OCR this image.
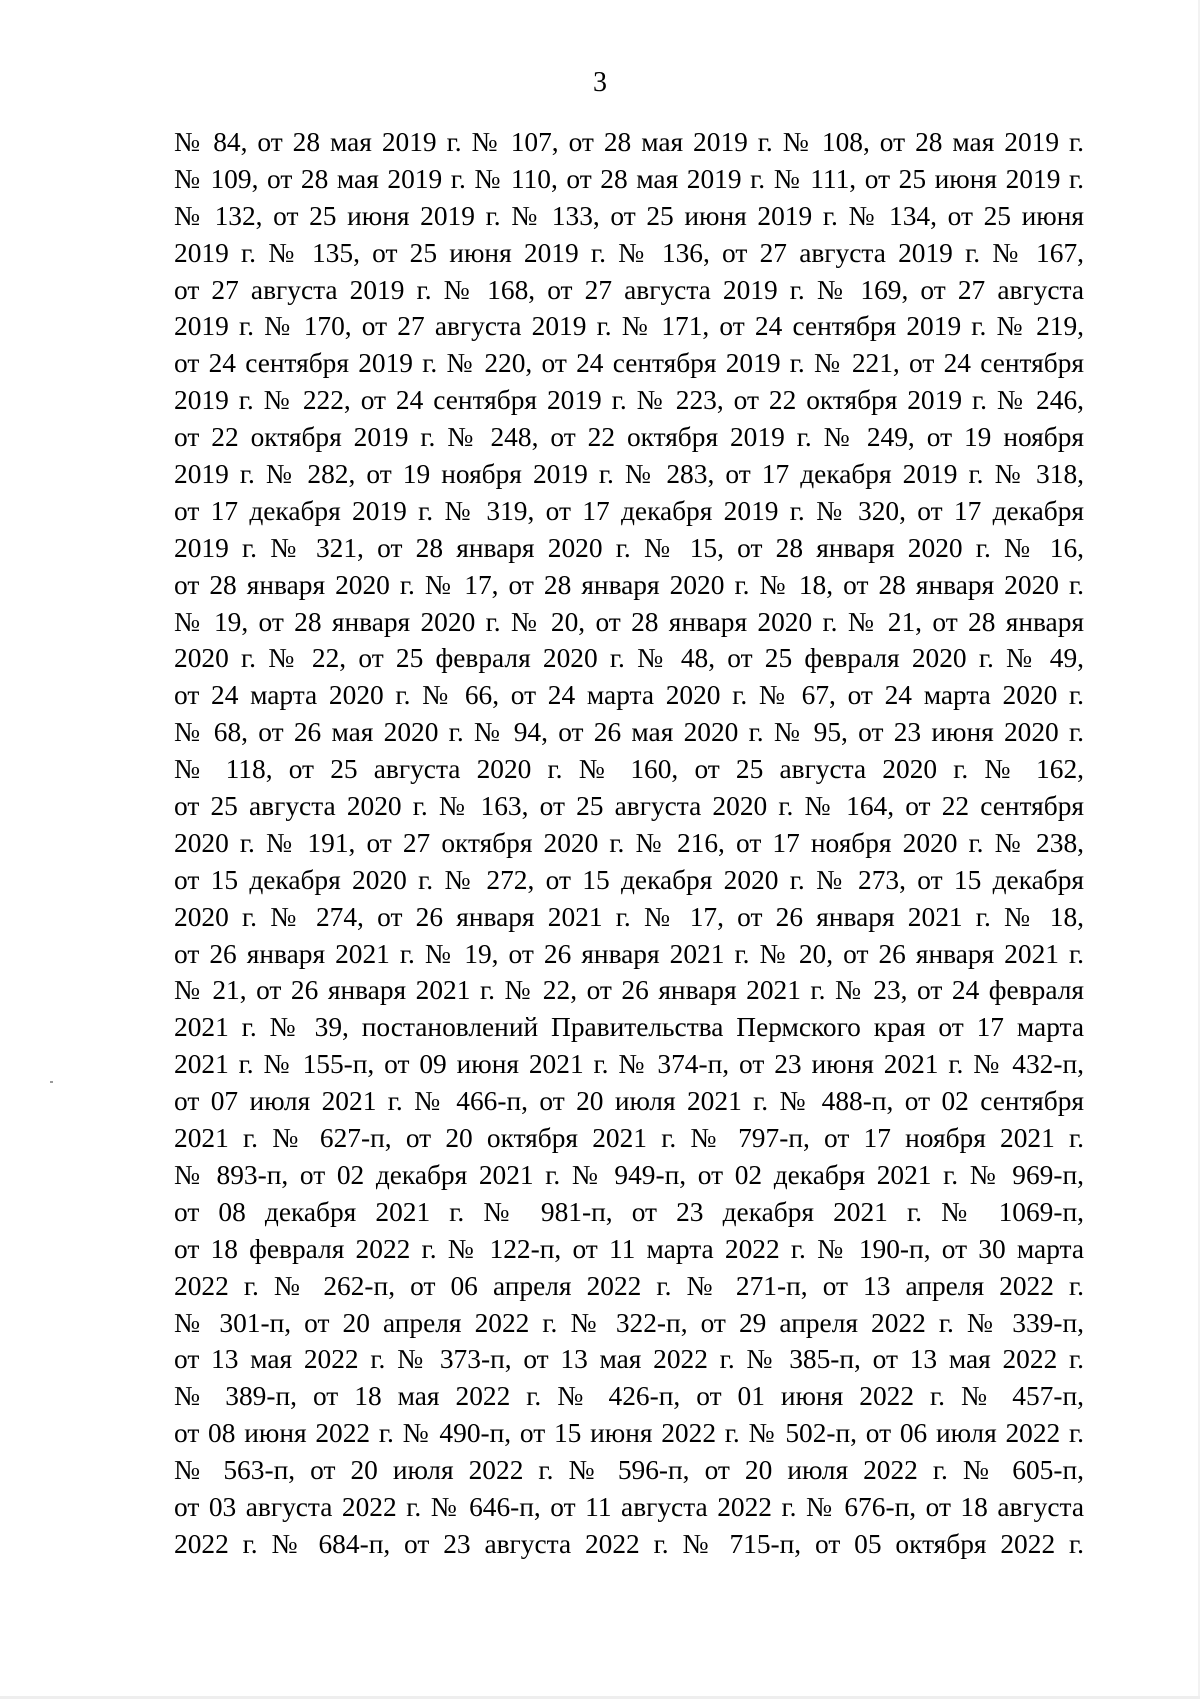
3
№ 84, от 28 мая 2019 г. № 107, от 28 мая 2019 г. № 108, от 28 мая 2019 г.
№ 109, от 28 мая 2019 г. № 110, от 28 мая 2019 г. № 111, от 25 июня 2019 г.
№ 132, от 25 июня 2019 г. № 133, от 25 июня 2019 г. № 134, от 25 июня
2019 г. № 135, от 25 июня 2019 г. № 136, от 27 августа 2019 г. № 167,
от 27 августа 2019 г. № 168, от 27 августа 2019 г. № 169, от 27 августа
2019 г. № 170, от 27 августа 2019 г. № 171, от 24 сентября 2019 г. № 219,
от 24 сентября 2019 г. № 220, от 24 сентября 2019 г. № 221, от 24 сентября
2019 г. № 222, от 24 сентября 2019 г. № 223, от 22 октября 2019 г. № 246,
от 22 октября 2019 г. № 248, от 22 октября 2019 г. № 249, от 19 ноября
2019 г. № 282, от 19 ноября 2019 г. № 283, от 17 декабря 2019 г. № 318,
от 17 декабря 2019 г. № 319, от 17 декабря 2019 г. № 320, от 17 декабря
2019 г. № 321, от 28 января 2020 г. № 15, от 28 января 2020 г. № 16,
от 28 января 2020 г. № 17, от 28 января 2020 г. № 18, от 28 января 2020 г.
№ 19, от 28 января 2020 г. № 20, от 28 января 2020 г. № 21, от 28 января
2020 г. № 22, от 25 февраля 2020 г. № 48, от 25 февраля 2020 г. № 49,
от 24 марта 2020 г. № 66, от 24 марта 2020 г. № 67, от 24 марта 2020 г.
№ 68, от 26 мая 2020 г. № 94, от 26 мая 2020 г. № 95, от 23 июня 2020 г.
№ 118, от 25 августа 2020 г. № 160, от 25 августа 2020 г. № 162,
от 25 августа 2020 г. № 163, от 25 августа 2020 г. № 164, от 22 сентября
2020 г. № 191, от 27 октября 2020 г. № 216, от 17 ноября 2020 г. № 238,
от 15 декабря 2020 г. № 272, от 15 декабря 2020 г. № 273, от 15 декабря
2020 г. № 274, от 26 января 2021 г. № 17, от 26 января 2021 г. № 18,
от 26 января 2021 г. № 19, от 26 января 2021 г. № 20, от 26 января 2021 г.
№ 21, от 26 января 2021 г. № 22, от 26 января 2021 г. № 23, от 24 февраля
2021 г. № 39, постановлений Правительства Пермского края от 17 марта
2021 г. № 155-п, от 09 июня 2021 г. № 374-п, от 23 июня 2021 г. № 432-п,
от 07 июля 2021 г. № 466-п, от 20 июля 2021 г. № 488-п, от 02 сентября
2021 г. № 627-п, от 20 октября 2021 г. № 797-п, от 17 ноября 2021 г.
№ 893-п, от 02 декабря 2021 г. № 949-п, от 02 декабря 2021 г. № 969-п,
от 08 декабря 2021 г. № 981-п, от 23 декабря 2021 г. № 1069-п,
от 18 февраля 2022 г. № 122-п, от 11 марта 2022 г. № 190-п, от 30 марта
2022 г. № 262-п, от 06 апреля 2022 г. № 271-п, от 13 апреля 2022 г.
№ 301-п, от 20 апреля 2022 г. № 322-п, от 29 апреля 2022 г. № 339-п,
от 13 мая 2022 г. № 373-п, от 13 мая 2022 г. № 385-п, от 13 мая 2022 г.
№ 389-п, от 18 мая 2022 г. № 426-п, от 01 июня 2022 г. № 457-п,
от 08 июня 2022 г. № 490-п, от 15 июня 2022 г. № 502-п, от 06 июля 2022 г.
№ 563-п, от 20 июля 2022 г. № 596-п, от 20 июля 2022 г. № 605-п,
от 03 августа 2022 г. № 646-п, от 11 августа 2022 г. № 676-п, от 18 августа
2022 г. № 684-п, от 23 августа 2022 г. № 715-п, от 05 октября 2022 г.
